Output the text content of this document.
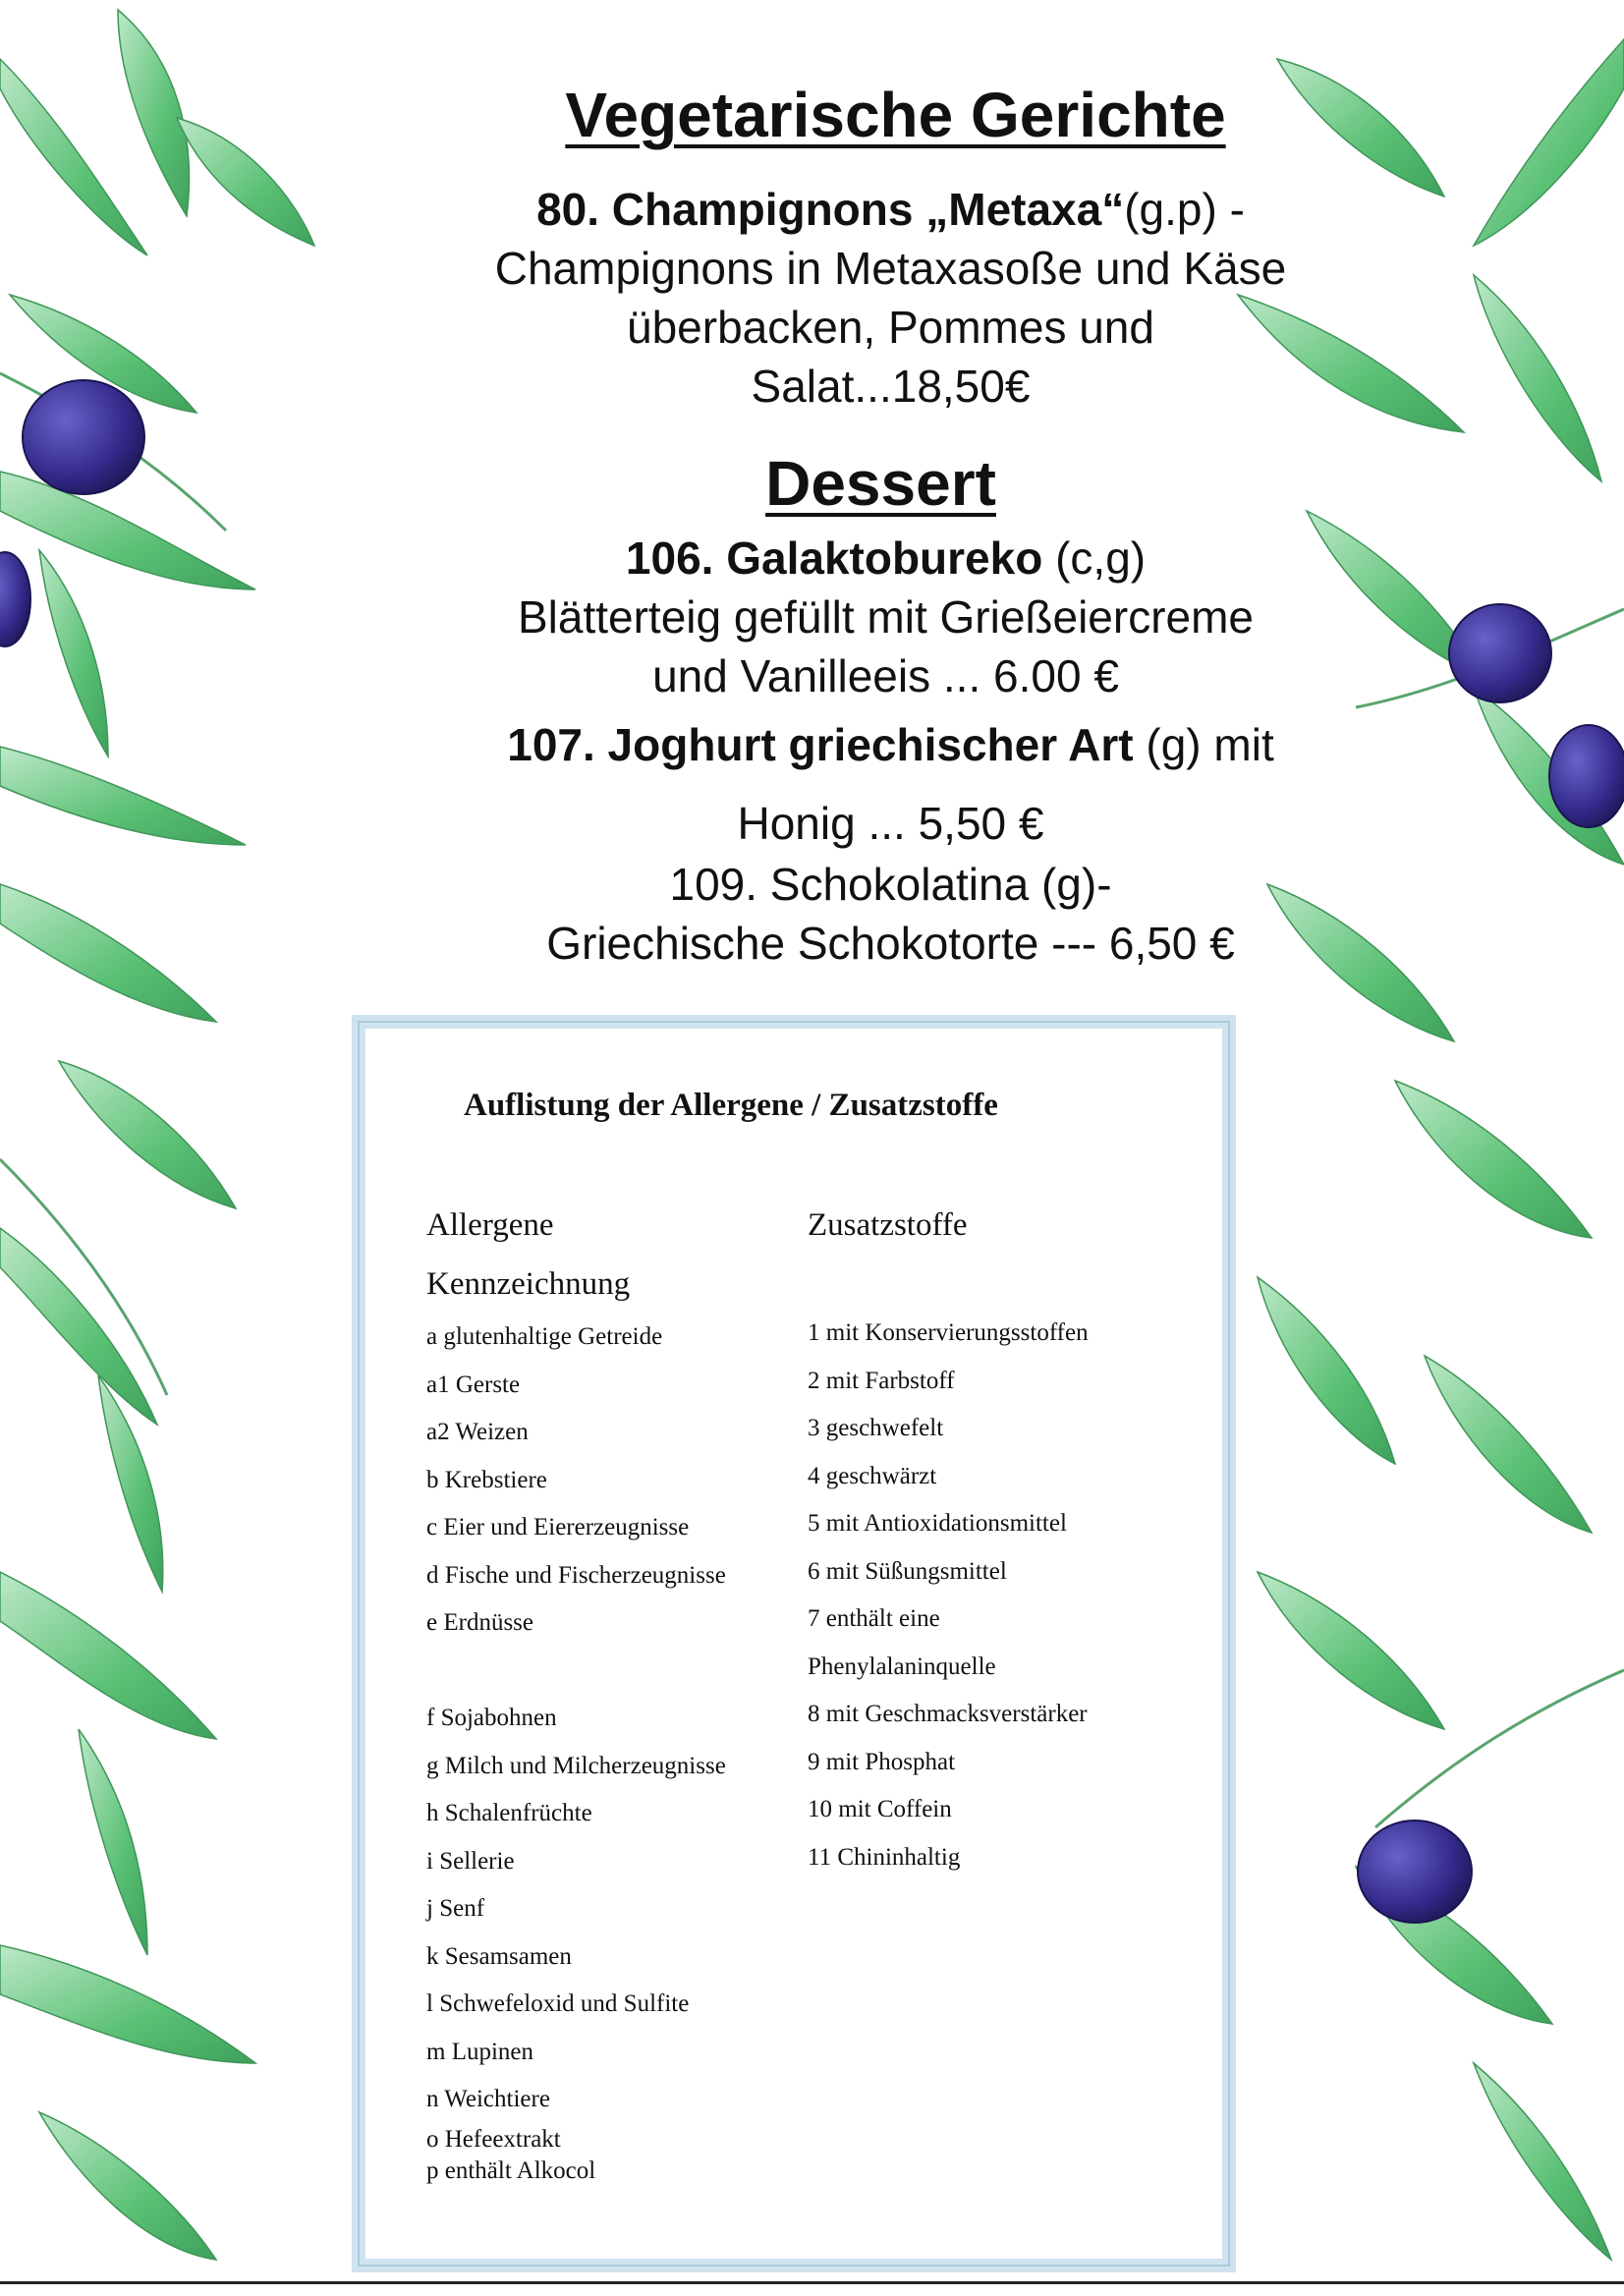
Vegetarische Gerichte

80. Champignons „Metaxa“(g.p) -

Champignons in Metaxasoße und Käse

überbacken, Pommes und

Salat...18,50€

Dessert

106. Galaktobureko (c,g)

Blätterteig gefüllt mit Grießeiercreme

und Vanilleeis ... 6.00 €

107. Joghurt griechischer Art (g) mit

Honig ... 5,50 €

109. Schokolatina (g)-

Griechische Schokotorte --- 6,50 €

Auflistung der Allergene / Zusatzstoffe
Allergene
Kennzeichnung
a glutenhaltige Getreide
a1 Gerste
a2 Weizen
b Krebstiere
c Eier und Eiererzeugnisse
d Fische und Fischerzeugnisse
e Erdnüsse
f Sojabohnen
g Milch und Milcherzeugnisse
h Schalenfrüchte
i Sellerie
j Senf
k Sesamsamen
l Schwefeloxid und Sulfite
m Lupinen
n Weichtiere
o Hefeextrakt
p enthält Alkocol
Zusatzstoffe
1 mit Konservierungsstoffen
2 mit Farbstoff
3 geschwefelt
4 geschwärzt
5 mit Antioxidationsmittel
6 mit Süßungsmittel
7 enthält eine
Phenylalaninquelle
8 mit Geschmacksverstärker
9 mit Phosphat
10 mit Coffein
11 Chininhaltig
